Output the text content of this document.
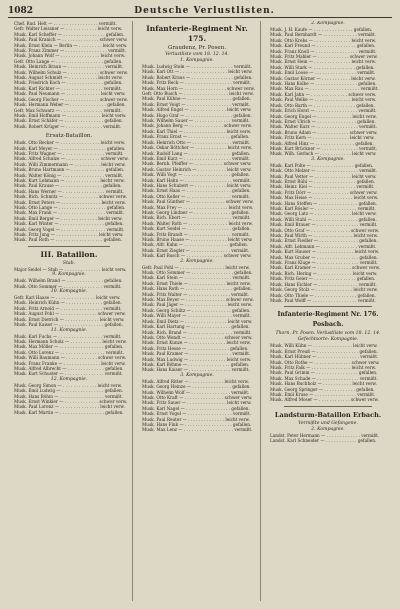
1082	Deutsche Verlustlisten.
Chef. Rud. Helt — . . . . . . . . . . . . . . . . . vermißt.
Gefr. Walter Leissner — . . . . . . . . . . . . leicht verw.
Musk. Karl Scheffer — . . . . . . . . . . . . . . . . gefallen.
Musk. Paul Kranich — . . . . . . . . . . . . . . schwer verw.
Musk. Ernst Klein — Berlin — . . . . . . . . . leicht verw.
Musk. Franz Zimmer — . . . . . . . . . . . . . . . . vermißt.
Musk. Johann Wolf — . . . . . . . . . . . . . . . leicht verw.
Gefr. Otto Lange — . . . . . . . . . . . . . . . . . . gefallen.
Musk. Heinrich Braun — . . . . . . . . . . . . . . vermißt.
Musk. Wilhelm Schulz — . . . . . . . . . . . . schwer verw.
Musk. August Schmidt — . . . . . . . . . . . leicht verw.
Musk. Friedrich Koch — . . . . . . . . . . . . . . gefallen.
Musk. Karl Richter — . . . . . . . . . . . . . . . . vermißt.
Musk. Paul Neumann — . . . . . . . . . . . . . leicht verw.
Musk. Georg Fischer — . . . . . . . . . . . . . schwer verw.
Musk. Hermann Weber — . . . . . . . . . . . . . . gefallen.
Gefr. Max Schwarz — . . . . . . . . . . . . . . . . vermißt.
Musk. Emil Hoffmann — . . . . . . . . . . . . . leicht verw.
Musk. Ernst Schäfer — . . . . . . . . . . . . . . . gefallen.
Musk. Robert Krüger — . . . . . . . . . . . . . . vermißt.
Ersatz-Bataillon.
Musk. Otto Becker — . . . . . . . . . . . . . . . leicht verw.
Musk. Karl Meyer — . . . . . . . . . . . . . . . . . . gefallen.
Musk. Fritz Wagner — . . . . . . . . . . . . . . . . vermißt.
Musk. Alfred Schulze — . . . . . . . . . . . . . schwer verw.
Musk. Willi Zimmermann — . . . . . . . . . . leicht verw.
Musk. Bruno Hartmann — . . . . . . . . . . . . . gefallen.
Musk. Walter König — . . . . . . . . . . . . . . . . vermißt.
Musk. Kurt Lehmann — . . . . . . . . . . . . . leicht verw.
Musk. Paul Krause — . . . . . . . . . . . . . . . . gefallen.
Musk. Hans Werner — . . . . . . . . . . . . . . . . vermißt.
Musk. Rich. Schmitz — . . . . . . . . . . . . . schwer verw.
Musk. Ernst Peters — . . . . . . . . . . . . . . . leicht verw.
Musk. Otto Lange — . . . . . . . . . . . . . . . . . . gefallen.
Musk. Max Frank — . . . . . . . . . . . . . . . . . . vermißt.
Musk. Emil Berger — . . . . . . . . . . . . . . leicht verw.
Musk. Karl Winter — . . . . . . . . . . . . . . . . . gefallen.
Musk. Georg Vogel — . . . . . . . . . . . . . . . . . vermißt.
Musk. Fritz Jung — . . . . . . . . . . . . . . . . leicht verw.
Musk. Paul Roth — . . . . . . . . . . . . . . . . . . gefallen.
III. Bataillon.
Stab.
Major Seidel — Stab — . . . . . . . . . . . . . . leicht verw.
9. Kompagnie.
Musk. Wilhelm Brand — . . . . . . . . . . . . . . gefallen.
Musk. Otto Sommer — . . . . . . . . . . . . . . . vermißt.
10. Kompagnie.
Gefr. Karl Haase — . . . . . . . . . . . . . . . leicht verw.
Musk. Heinrich Kühn — . . . . . . . . . . . . . . gefallen.
Musk. Fritz Arnold — . . . . . . . . . . . . . . . . vermißt.
Musk. August Pohl — . . . . . . . . . . . . . . schwer verw.
Musk. Ernst Dietrich — . . . . . . . . . . . . . leicht verw.
Musk. Paul Kaiser — . . . . . . . . . . . . . . . . . gefallen.
11. Kompagnie.
Musk. Karl Fuchs — . . . . . . . . . . . . . . . . . vermißt.
Musk. Hermann Scholz — . . . . . . . . . . . . leicht verw.
Musk. Max Möller — . . . . . . . . . . . . . . . . . gefallen.
Musk. Otto Lorenz — . . . . . . . . . . . . . . . . . vermißt.
Musk. Willi Baumann — . . . . . . . . . . . . schwer verw.
Musk. Franz Franke — . . . . . . . . . . . . . . leicht verw.
Musk. Alfred Albrecht — . . . . . . . . . . . . . . gefallen.
Musk. Kurt Schuster — . . . . . . . . . . . . . . . vermißt.
12. Kompagnie.
Musk. Georg Simon — . . . . . . . . . . . . . leicht verw.
Musk. Emil Ludwig — . . . . . . . . . . . . . . . . gefallen.
Musk. Hans Böhm — . . . . . . . . . . . . . . . . . vermißt.
Musk. Ernst Winkler — . . . . . . . . . . . . . schwer verw.
Musk. Paul Lorenz — . . . . . . . . . . . . . . . leicht verw.
Musk. Karl Martin — . . . . . . . . . . . . . . . . . gefallen.
Infanterie-Regiment Nr. 175.
Graudenz, Pr. Posen.
Verlustliste vom 18. 12. 14.
1. Kompagnie.
Musk. Ludwig Stein — . . . . . . . . . . . . . . . . vermißt.
Musk. Karl Ott — . . . . . . . . . . . . . . . . . . leicht verw.
Musk. Robert Kraus — . . . . . . . . . . . . . . . . gefallen.
Musk. Fritz Beck — . . . . . . . . . . . . . . . . . . vermißt.
Musk. Max Horn — . . . . . . . . . . . . . . . . schwer verw.
Gefr. Otto Busch — . . . . . . . . . . . . . . . . . leicht verw.
Musk. Paul Kühne — . . . . . . . . . . . . . . . . . gefallen.
Musk. Ernst Voigt — . . . . . . . . . . . . . . . . . vermißt.
Musk. Alfred Engel — . . . . . . . . . . . . . . leicht verw.
Musk. Hugo Graf — . . . . . . . . . . . . . . . . . . gefallen.
Musk. Wilhelm Sauer — . . . . . . . . . . . . . . vermißt.
Musk. Johann Berg — . . . . . . . . . . . . . schwer verw.
Musk. Karl Thiel — . . . . . . . . . . . . . . . . leicht verw.
Musk. Franz Ernst — . . . . . . . . . . . . . . . . gefallen.
Musk. Heinrich Otto — . . . . . . . . . . . . . . . vermißt.
Musk. Oskar Böttcher — . . . . . . . . . . . . leicht verw.
Musk. Rudolf Lang — . . . . . . . . . . . . . . . . gefallen.
Musk. Emil Kurz — . . . . . . . . . . . . . . . . . . vermißt.
Musk. Bernh. Pfeiffer — . . . . . . . . . . . schwer verw.
Musk. Gustav Heinrich — . . . . . . . . . . . leicht verw.
Musk. Willi Vogt — . . . . . . . . . . . . . . . . . . gefallen.
Musk. Karl Hahn — . . . . . . . . . . . . . . . . . . vermißt.
Musk. Hans Schubert — . . . . . . . . . . . . leicht verw.
Musk. Ernst Haas — . . . . . . . . . . . . . . . . . gefallen.
Musk. Otto Keller — . . . . . . . . . . . . . . . . . vermißt.
Musk. Paul Günther — . . . . . . . . . . . . . schwer verw.
Musk. Max Frey — . . . . . . . . . . . . . . . . . leicht verw.
Musk. Georg Lindner — . . . . . . . . . . . . . . gefallen.
Musk. Rich. Ebert — . . . . . . . . . . . . . . . . . vermißt.
Musk. Walter Roth — . . . . . . . . . . . . . . . leicht verw.
Musk. Kurt Seidel — . . . . . . . . . . . . . . . . . gefallen.
Musk. Fritz Brandt — . . . . . . . . . . . . . . . . vermißt.
Musk. Bruno Haase — . . . . . . . . . . . . . . leicht verw.
Musk. Alfr. Kuhn — . . . . . . . . . . . . . . . . . gefallen.
Musk. Ernst Ziegler — . . . . . . . . . . . . . . . vermißt.
Musk. Karl Busch — . . . . . . . . . . . . . . schwer verw.
2. Kompagnie.
Gefr. Paul Pohl — . . . . . . . . . . . . . . . . . leicht verw.
Musk. Otto Sommer — . . . . . . . . . . . . . . . . gefallen.
Musk. Karl Stein — . . . . . . . . . . . . . . . . . . vermißt.
Musk. Ernst Thiele — . . . . . . . . . . . . . . leicht verw.
Musk. Hans Roth — . . . . . . . . . . . . . . . . . . gefallen.
Musk. Fritz Walter — . . . . . . . . . . . . . . . . vermißt.
Musk. Max Beyer — . . . . . . . . . . . . . . . schwer verw.
Musk. Paul Jäger — . . . . . . . . . . . . . . . . leicht verw.
Musk. Georg Schütz — . . . . . . . . . . . . . . . gefallen.
Musk. Willi Mayer — . . . . . . . . . . . . . . . . . vermißt.
Musk. Emil Dietz — . . . . . . . . . . . . . . . . leicht verw.
Musk. Karl Hartung — . . . . . . . . . . . . . . . gefallen.
Musk. Rich. Brand — . . . . . . . . . . . . . . . . . vermißt.
Musk. Otto Wendt — . . . . . . . . . . . . . . schwer verw.
Musk. Ernst Kunze — . . . . . . . . . . . . . . leicht verw.
Musk. Fritz Hesse — . . . . . . . . . . . . . . . . gefallen.
Musk. Paul Kramer — . . . . . . . . . . . . . . . . vermißt.
Musk. Max Ludwig — . . . . . . . . . . . . . . leicht verw.
Musk. Karl Böhme — . . . . . . . . . . . . . . . . gefallen.
Musk. Hans Kaiser — . . . . . . . . . . . . . . . . vermißt.
3. Kompagnie.
Musk. Alfred Ritter — . . . . . . . . . . . . . leicht verw.
Musk. Georg Heinze — . . . . . . . . . . . . . . . gefallen.
Musk. Wilhelm Wolf — . . . . . . . . . . . . . . . vermißt.
Musk. Otto Kraft — . . . . . . . . . . . . . . . schwer verw.
Musk. Fritz Sauer — . . . . . . . . . . . . . . . leicht verw.
Musk. Karl Nagel — . . . . . . . . . . . . . . . . . gefallen.
Musk. Ernst Vogel — . . . . . . . . . . . . . . . . . vermißt.
Musk. Paul Reuter — . . . . . . . . . . . . . . leicht verw.
Musk. Hans Fink — . . . . . . . . . . . . . . . . . . gefallen.
Musk. Max Lenz — . . . . . . . . . . . . . . . . . . . vermißt.
2. Kompagnie.
Musk. J. H. Kaufe — . . . . . . . . . . . . . . . gefallen.
Musk. Paul Bernhardt — . . . . . . . . . . . . . vermißt.
Musk. Otto Krebs — . . . . . . . . . . . . . . leicht verw.
Musk. Karl Freund — . . . . . . . . . . . . . . . gefallen.
Musk. Franz Knoll — . . . . . . . . . . . . . . . . vermißt.
Musk. Fritz Mahler — . . . . . . . . . . . . schwer verw.
Musk. Ernst Hein — . . . . . . . . . . . . . . leicht verw.
Musk. Willi Stark — . . . . . . . . . . . . . . . . gefallen.
Musk. Emil Loose — . . . . . . . . . . . . . . . . vermißt.
Musk. Gustav Körner — . . . . . . . . . . . leicht verw.
Musk. Hans Kolbe — . . . . . . . . . . . . . . . . gefallen.
Musk. Max Rau — . . . . . . . . . . . . . . . . . . . vermißt.
Musk. Karl Jahn — . . . . . . . . . . . . . . schwer verw.
Musk. Paul Welke — . . . . . . . . . . . . . . leicht verw.
Musk. Otto Barth — . . . . . . . . . . . . . . . . gefallen.
Musk. Erich Horst — . . . . . . . . . . . . . . . . vermißt.
Musk. Georg Engel — . . . . . . . . . . . . . leicht verw.
Musk. Ernst Ulrich — . . . . . . . . . . . . . . . gefallen.
Musk. Walter Kurz — . . . . . . . . . . . . . . . . vermißt.
Musk. Bruno Adam — . . . . . . . . . . . . schwer verw.
Musk. Fritz Kern — . . . . . . . . . . . . . . leicht verw.
Musk. Alfred Hinz — . . . . . . . . . . . . . . . gefallen.
Musk. Kurt Brückner — . . . . . . . . . . . . . . vermißt.
Musk. Wilh. Gerlach — . . . . . . . . . . . . leicht verw.
3. Kompagnie.
Musk. Karl Polte — . . . . . . . . . . . . . . . . gefallen.
Musk. Otto Melzer — . . . . . . . . . . . . . . . . vermißt.
Musk. Paul Vetter — . . . . . . . . . . . . . . leicht verw.
Musk. Ernst Rühl — . . . . . . . . . . . . . . . . gefallen.
Musk. Heinr. Kiel — . . . . . . . . . . . . . . . . vermißt.
Musk. Fritz Dörr — . . . . . . . . . . . . . . schwer verw.
Musk. Max Heise — . . . . . . . . . . . . . . . leicht verw.
Musk. Hans Steffen — . . . . . . . . . . . . . . . gefallen.
Musk. Karl Rösler — . . . . . . . . . . . . . . . . vermißt.
Musk. Georg Lutz — . . . . . . . . . . . . . . leicht verw.
Musk. Willi Stahl — . . . . . . . . . . . . . . . . . gefallen.
Musk. Emil Brauer — . . . . . . . . . . . . . . . . vermißt.
Musk. Otto Graf — . . . . . . . . . . . . . . . schwer verw.
Musk. Paul Wirth — . . . . . . . . . . . . . . . leicht verw.
Musk. Ernst Fiedler — . . . . . . . . . . . . . . . gefallen.
Musk. Alfr. Lehmann — . . . . . . . . . . . . . . vermißt.
Musk. Kurt Hauser — . . . . . . . . . . . . . . leicht verw.
Musk. Max Gruber — . . . . . . . . . . . . . . . . gefallen.
Musk. Franz Kluge — . . . . . . . . . . . . . . . . vermißt.
Musk. Karl Kramer — . . . . . . . . . . . . . schwer verw.
Musk. Rich. Hering — . . . . . . . . . . . . . leicht verw.
Musk. Fritz Geier — . . . . . . . . . . . . . . . . gefallen.
Musk. Hans Eichler — . . . . . . . . . . . . . . . vermißt.
Musk. Georg Stolz — . . . . . . . . . . . . . . leicht verw.
Musk. Otto Thiele — . . . . . . . . . . . . . . . . gefallen.
Musk. Paul Wolff — . . . . . . . . . . . . . . . . . vermißt.
Infanterie-Regiment Nr. 176. Posbach.
Thorn, Pr. Posen. Verlustliste vom 18. 12. 14.
Gefechtsorte: Kompagnie.
Musk. Willi Kühn — . . . . . . . . . . . . . . . leicht verw.
Musk. Ernst Preuß — . . . . . . . . . . . . . . . . gefallen.
Musk. Karl Hübner — . . . . . . . . . . . . . . . . vermißt.
Musk. Otto Rothe — . . . . . . . . . . . . . . schwer verw.
Musk. Fritz Falk — . . . . . . . . . . . . . . . leicht verw.
Musk. Paul Grimm — . . . . . . . . . . . . . . . . gefallen.
Musk. Max Schade — . . . . . . . . . . . . . . . . vermißt.
Musk. Hans Buchholz — . . . . . . . . . . . leicht verw.
Musk. Georg Springer — . . . . . . . . . . . . gefallen.
Musk. Emil Kruse — . . . . . . . . . . . . . . . . vermißt.
Musk. Alfred Moser — . . . . . . . . . . . . schwer verw.
Landsturm-Bataillon Erbach.
Vermißte und Gefangene.
2. Kompagnie.
Landst. Peter Hermann — . . . . . . . . . . . . . vermißt.
Landst. Karl Schneider — . . . . . . . . . . . . gefallen.
